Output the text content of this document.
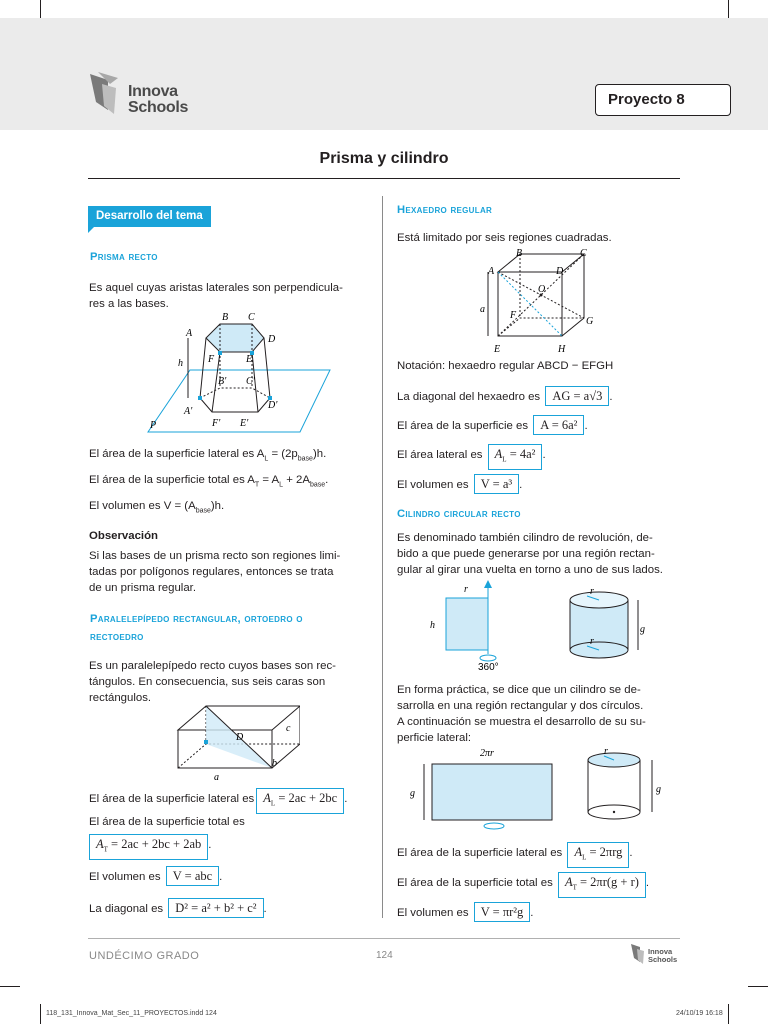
Innova
Schools	Proyecto 8
Prisma y cilindro
Desarrollo del tema
Prisma recto
Es aquel cuyas aristas laterales son perpendicula-
res a las bases.
B C
A
D
h	F	E
B' C'
A'
D'
F' E'
P
El área de la superficie lateral es $A_L = (2p_{base})h$.
El área de la superficie total es $A_T = A_L + 2A_{base}$.
El volumen es $V = (A_{base})h$.
Observación
Si las bases de un prisma recto son regiones limi-
tadas por polígonos regulares, entonces se trata
de un prisma regular.
Paralelepípedo rectangular, ortoedro o
rectoedro
Es un paralelepípedo recto cuyos bases son rec-
tángulos. En consecuencia, sus seis caras son
rectángulos.
D
c
b
a
El área de la superficie lateral es $A_L = 2ac + 2bc$ .
El área de la superficie total es
$A_T = 2ac + 2bc + 2ab$ .
El volumen es V = abc .
La diagonal es D² = a² + b² + c² .
Hexaedro regular
Está limitado por seis regiones cuadradas.
B	C
A	D
O
a
F
G
E	H
Notación: hexaedro regular ABCD − EFGH
La diagonal del hexaedro es AG = a√3 .
El área de la superficie es A = 6a² .
El área lateral es $A_L = 4a^2$ .
El volumen es V = a³ .
Cilindro circular recto
Es denominado también cilindro de revolución, de-
bido a que puede generarse por una región rectan-
gular al girar una vuelta en torno a uno de sus lados.
r
h
360°
r
g
r
En forma práctica, se dice que un cilindro se de-
sarrolla en una región rectangular y dos círculos.
A continuación se muestra el desarrollo de su su-
perficie lateral:
2πr
g
r
g
El área de la superficie lateral es $A_L = 2\pi rg$ .
El área de la superficie total es $A_T = 2\pi r(g + r)$ .
El volumen es V = πr²g .
UNDÉCIMO GRADO	124	Innova
Schools
118_131_Innova_Mat_Sec_11_PROYECTOS.indd 124	24/10/19 16:18
